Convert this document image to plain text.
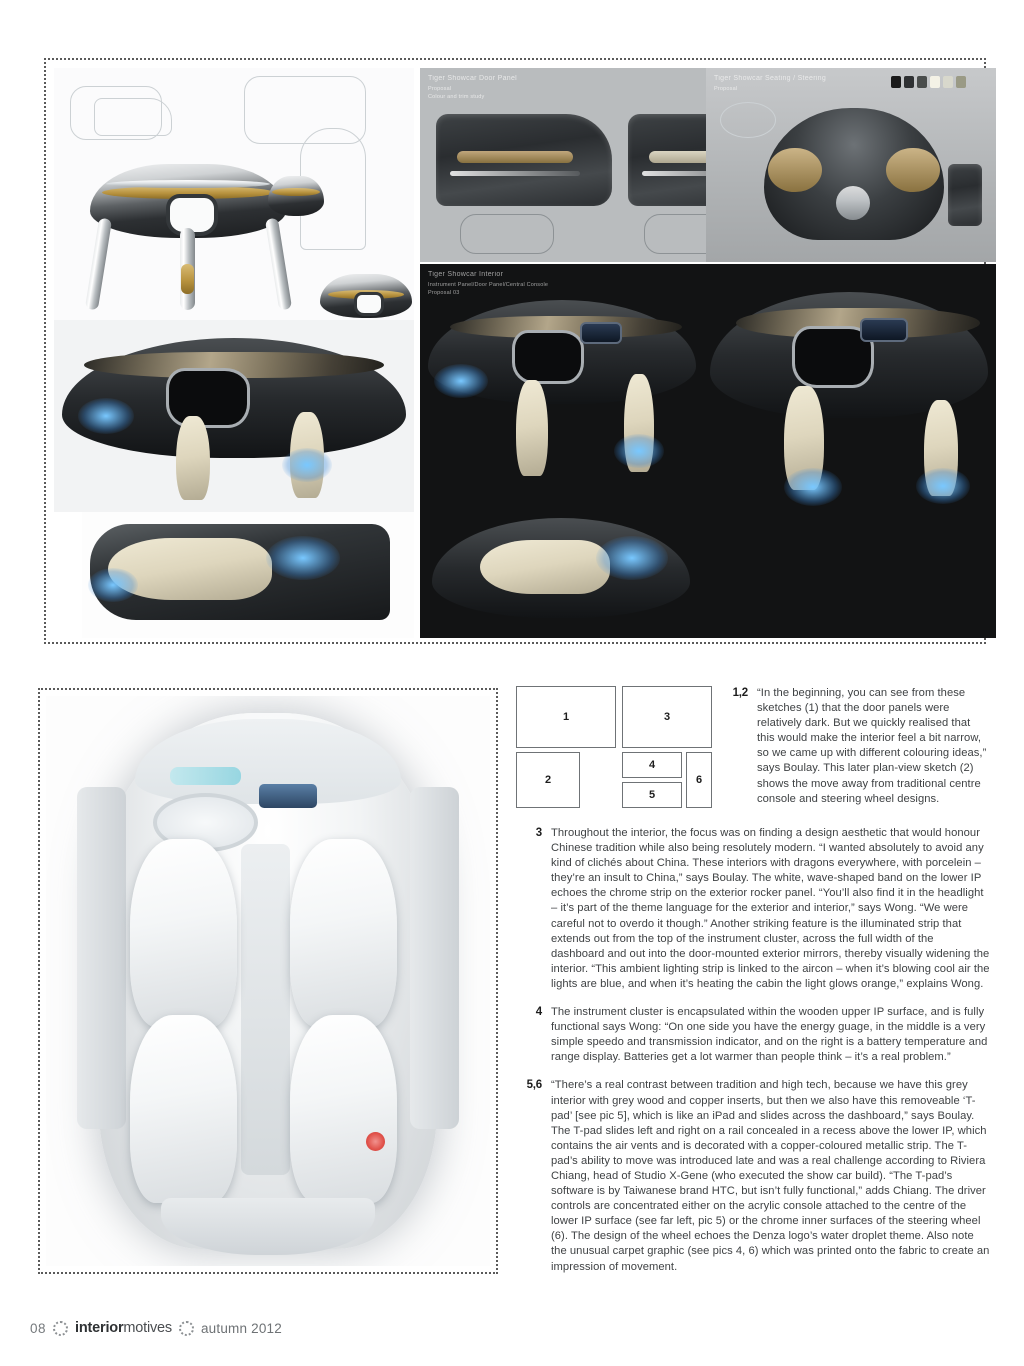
Tiger Showcar Door Panel
Proposal
Colour and trim study
Tiger Showcar Seating / Steering
Proposal
Tiger Showcar Interior
Instrument Panel/Door Panel/Central Console
Proposal 03
1
2
3
4
5
6
1,2 “In the beginning, you can see from these sketches (1) that the door panels were relatively dark. But we quickly realised that this would make the interior feel a bit narrow, so we came up with different colouring ideas,” says Boulay. This later plan-view sketch (2) shows the move away from traditional centre console and steering wheel designs.
3 Throughout the interior, the focus was on finding a design aesthetic that would honour Chinese tradition while also being resolutely modern. “I wanted absolutely to avoid any kind of clichés about China. These interiors with dragons everywhere, with porcelein – they’re an insult to China,” says Boulay. The white, wave-shaped band on the lower IP echoes the chrome strip on the exterior rocker panel. “You’ll also find it in the headlight – it’s part of the theme language for the exterior and interior,” says Wong. “We were careful not to overdo it though.” Another striking feature is the illuminated strip that extends out from the top of the instrument cluster, across the full width of the dashboard and out into the door-mounted exterior mirrors, thereby visually widening the interior. “This ambient lighting strip is linked to the aircon – when it’s blowing cool air the lights are blue, and when it’s heating the cabin the light glows orange,” explains Wong.
4 The instrument cluster is encapsulated within the wooden upper IP surface, and is fully functional says Wong: “On one side you have the energy guage, in the middle is a very simple speedo and transmission indicator, and on the right is a battery temperature and range display. Batteries get a lot warmer than people think – it’s a real problem.”
5,6 “There’s a real contrast between tradition and high tech, because we have this grey interior with grey wood and copper inserts, but then we also have this removeable ‘T-pad’ [see pic 5], which is like an iPad and slides across the dashboard,” says Boulay. The T-pad slides left and right on a rail concealed in a recess above the lower IP, which contains the air vents and is decorated with a copper-coloured metallic strip. The T-pad’s ability to move was introduced late and was a real challenge according to Riviera Chiang, head of Studio X-Gene (who executed the show car build). “The T-pad’s software is by Taiwanese brand HTC, but isn’t fully functional,” adds Chiang. The driver controls are concentrated either on the acrylic console attached to the centre of the lower IP surface (see far left, pic 5) or the chrome inner surfaces of the steering wheel (6). The design of the wheel echoes the Denza logo’s water droplet theme. Also note the unusual carpet graphic (see pics 4, 6) which was printed onto the fabric to create an impression of movement.
08 interiormotives autumn 2012
